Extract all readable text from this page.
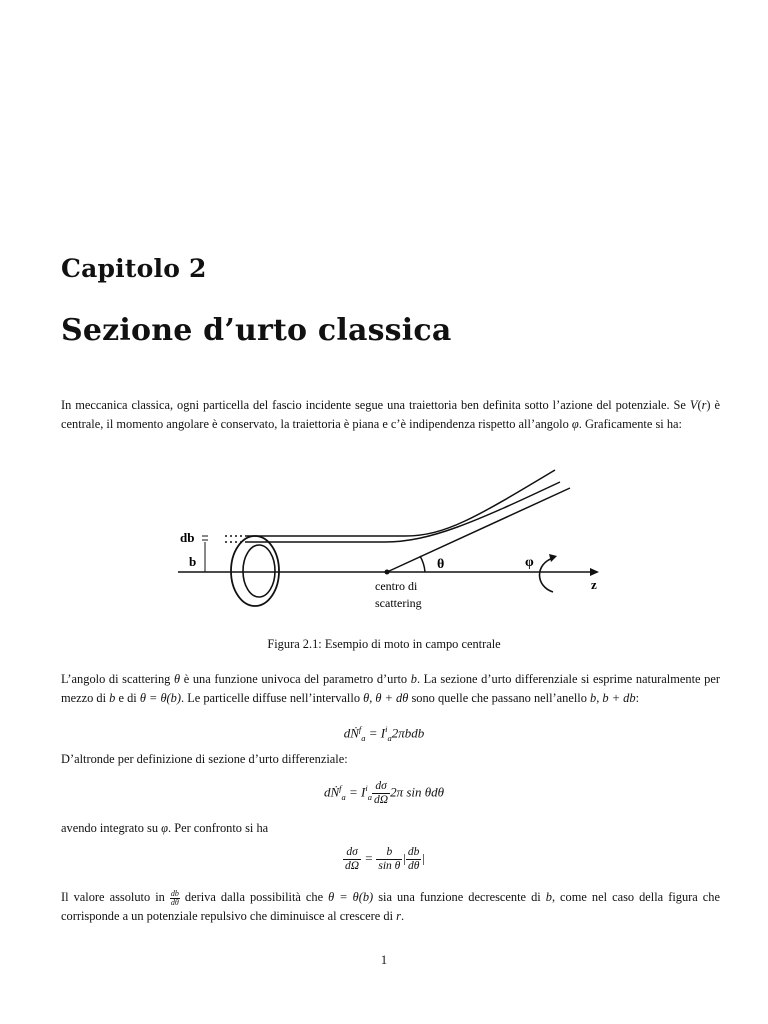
Capitolo 2
Sezione d’urto classica
In meccanica classica, ogni particella del fascio incidente segue una traiettoria ben definita sotto l’azione del potenziale. Se V(r) è centrale, il momento angolare è conservato, la traiettoria è piana e c’è indipendenza rispetto all’angolo φ. Graficamente si ha:
db
b	θ	φ
z
centro di
scattering
Figura 2.1: Esempio di moto in campo centrale
L’angolo di scattering θ è una funzione univoca del parametro d’urto b. La sezione d’urto differenziale si esprime naturalmente per mezzo di b e di θ = θ(b). Le particelle diffuse nell’intervallo θ, θ + dθ sono quelle che passano nell’anello b, b + db:
dṄ$^f_a$ = $I^i_a2\pi bdb$
D’altronde per definizione di sezione d’urto differenziale:
dṄ$^f_a$ = $I^i_a \frac{d\sigma}{d\Omega} 2\pi$ sin θdθ
avendo integrato su φ. Per confronto si ha
$\frac{d\sigma}{d\Omega} = \frac{b}{\text{sin θ}}$ | $\frac{db}{d\theta}$ |
Il valore assoluto in $\frac{db}{d\theta}$ deriva dalla possibilità che θ = θ(b) sia una funzione decrescente di b, come nel caso della figura che corrisponde a un potenziale repulsivo che diminuisce al crescere di r.
1
